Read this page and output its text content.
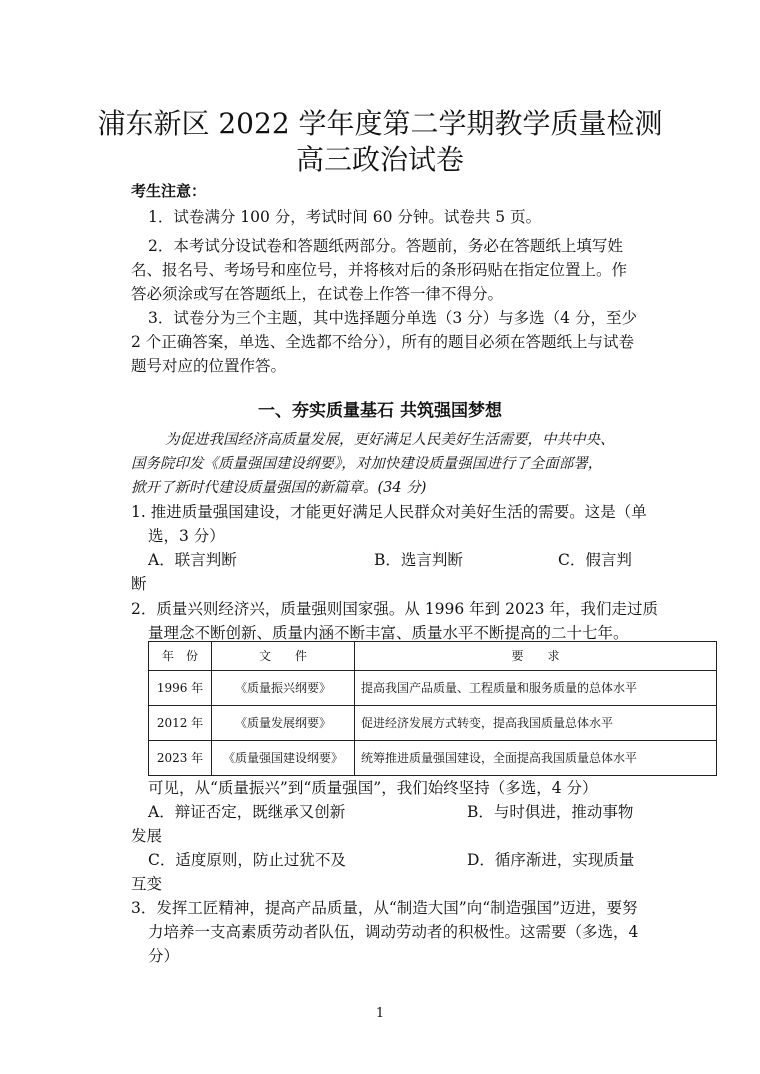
浦东新区 2022 学年度第二学期教学质量检测
高三政治试卷
考生注意：
1．试卷满分 100 分，考试时间 60 分钟。试卷共 5 页。
2．本考试分设试卷和答题纸两部分。答题前，务必在答题纸上填写姓
名、报名号、考场号和座位号，并将核对后的条形码贴在指定位置上。作
答必须涂或写在答题纸上，在试卷上作答一律不得分。
3．试卷分为三个主题，其中选择题分单选（3 分）与多选（4 分，至少
2 个正确答案，单选、全选都不给分），所有的题目必须在答题纸上与试卷
题号对应的位置作答。
一、夯实质量基石 共筑强国梦想
为促进我国经济高质量发展，更好满足人民美好生活需要，中共中央、
国务院印发《质量强国建设纲要》，对加快建设质量强国进行了全面部署，
掀开了新时代建设质量强国的新篇章。(34 分)
1. 推进质量强国建设，才能更好满足人民群众对美好生活的需要。这是（单
选，3 分）
A．联言判断	B．选言判断	C．假言判
断
2．质量兴则经济兴，质量强则国家强。从 1996 年到 2023 年，我们走过质
量理念不断创新、质量内涵不断丰富、质量水平不断提高的二十七年。
年　份	文　　件	要　　求
1996 年	《质量振兴纲要》	提高我国产品质量、工程质量和服务质量的总体水平
2012 年	《质量发展纲要》	促进经济发展方式转变，提高我国质量总体水平
2023 年	《质量强国建设纲要》	统筹推进质量强国建设，全面提高我国质量总体水平
可见，从“质量振兴”到“质量强国”，我们始终坚持（多选，4 分）
A．辩证否定，既继承又创新	B．与时俱进，推动事物
发展
C．适度原则，防止过犹不及	D．循序渐进，实现质量
互变
3．发挥工匠精神，提高产品质量，从“制造大国”向“制造强国”迈进，要努
力培养一支高素质劳动者队伍，调动劳动者的积极性。这需要（多选，4
分）
1
